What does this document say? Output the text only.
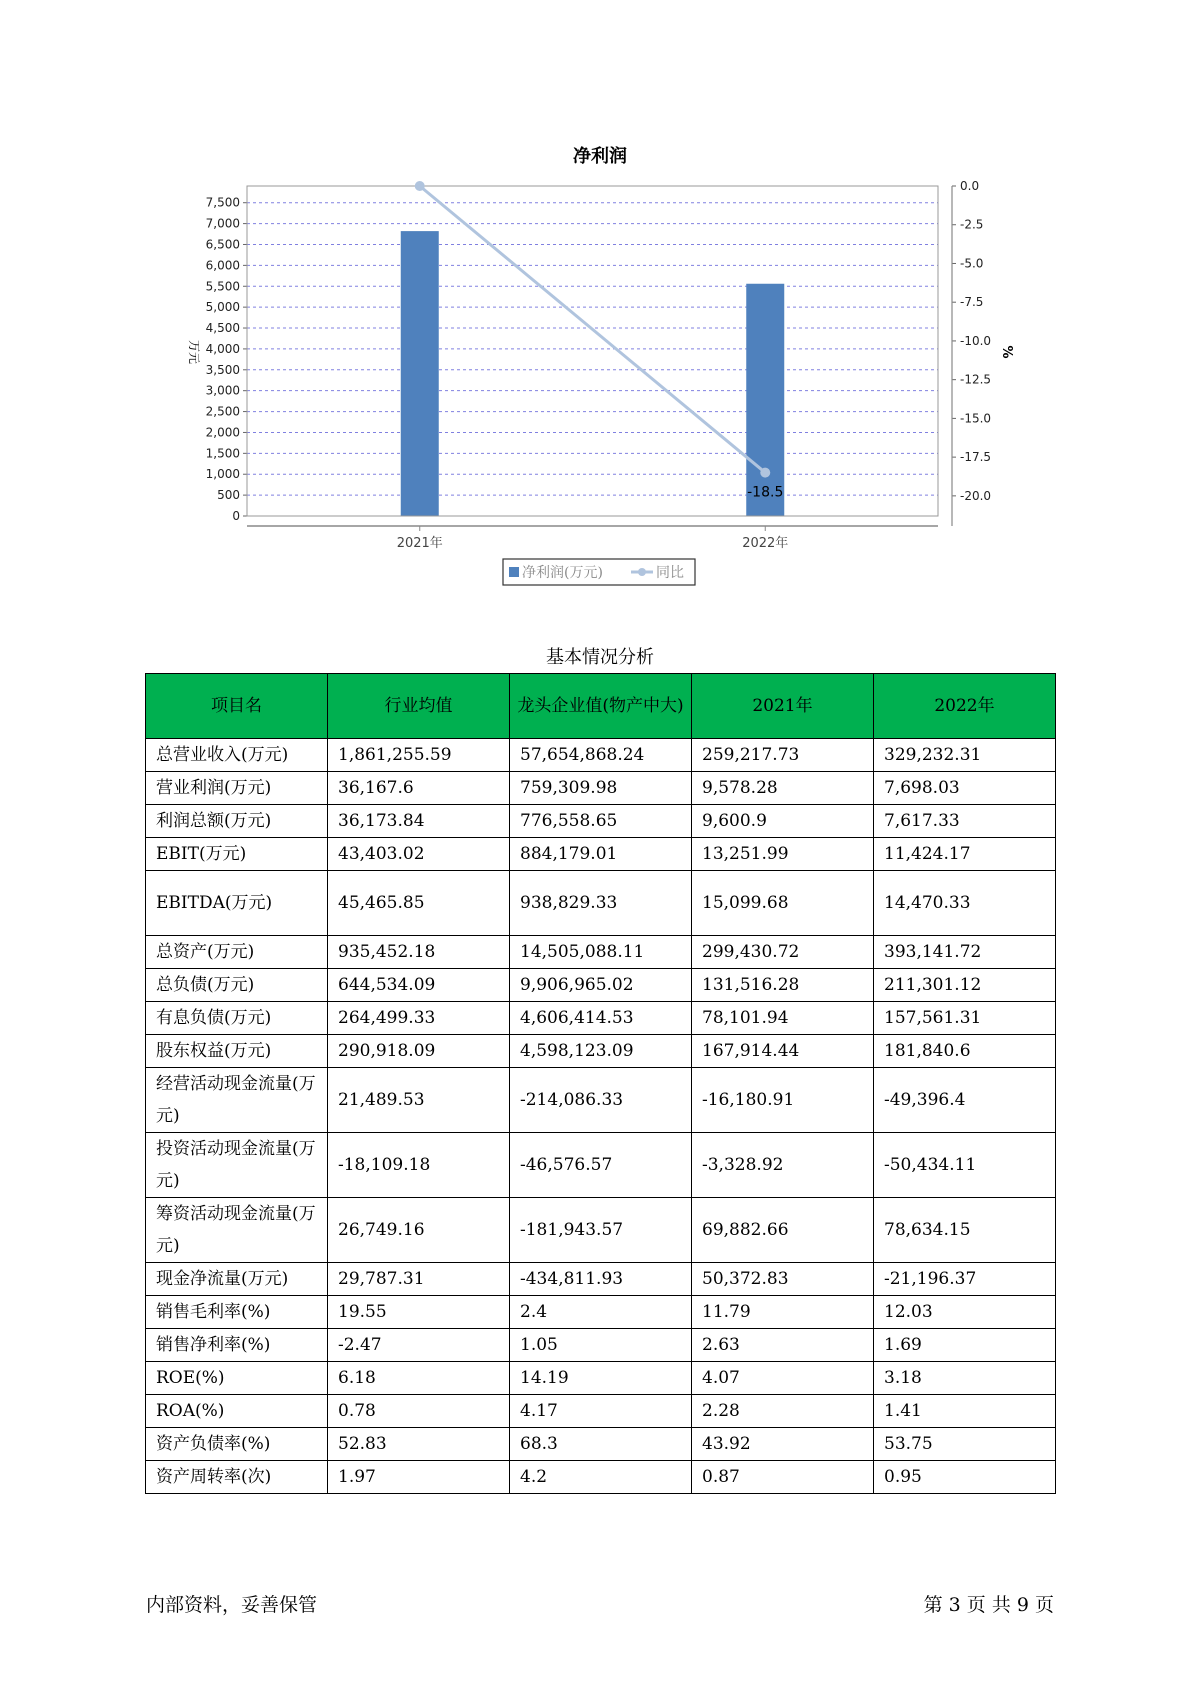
净利润
-18.5
0
500
1,000
1,500
2,000
2,500
3,000
3,500
4,000
4,500
5,000
5,500
6,000
6,500
7,000
7,500
0.0
-2.5
-5.0
-7.5
-10.0
-12.5
-15.0
-17.5
-20.0
2021年	2022年
万元	%
净利润(万元)	同比
基本情况分析
项目名	行业均值	龙头企业值(物产中大)	2021年	2022年
总营业收入(万元)	1,861,255.59	57,654,868.24	259,217.73	329,232.31
营业利润(万元)	36,167.6	759,309.98	9,578.28	7,698.03
利润总额(万元)	36,173.84	776,558.65	9,600.9	7,617.33
EBIT(万元)	43,403.02	884,179.01	13,251.99	11,424.17
EBITDA(万元)	45,465.85	938,829.33	15,099.68	14,470.33
总资产(万元)	935,452.18	14,505,088.11	299,430.72	393,141.72
总负债(万元)	644,534.09	9,906,965.02	131,516.28	211,301.12
有息负债(万元)	264,499.33	4,606,414.53	78,101.94	157,561.31
股东权益(万元)	290,918.09	4,598,123.09	167,914.44	181,840.6
经营活动现金流量(万元)	21,489.53	-214,086.33	-16,180.91	-49,396.4
投资活动现金流量(万元)	-18,109.18	-46,576.57	-3,328.92	-50,434.11
筹资活动现金流量(万元)	26,749.16	-181,943.57	69,882.66	78,634.15
现金净流量(万元)	29,787.31	-434,811.93	50,372.83	-21,196.37
销售毛利率(%)	19.55	2.4	11.79	12.03
销售净利率(%)	-2.47	1.05	2.63	1.69
ROE(%)	6.18	14.19	4.07	3.18
ROA(%)	0.78	4.17	2.28	1.41
资产负债率(%)	52.83	68.3	43.92	53.75
资产周转率(次)	1.97	4.2	0.87	0.95
内部资料，妥善保管	第 3 页 共 9 页
